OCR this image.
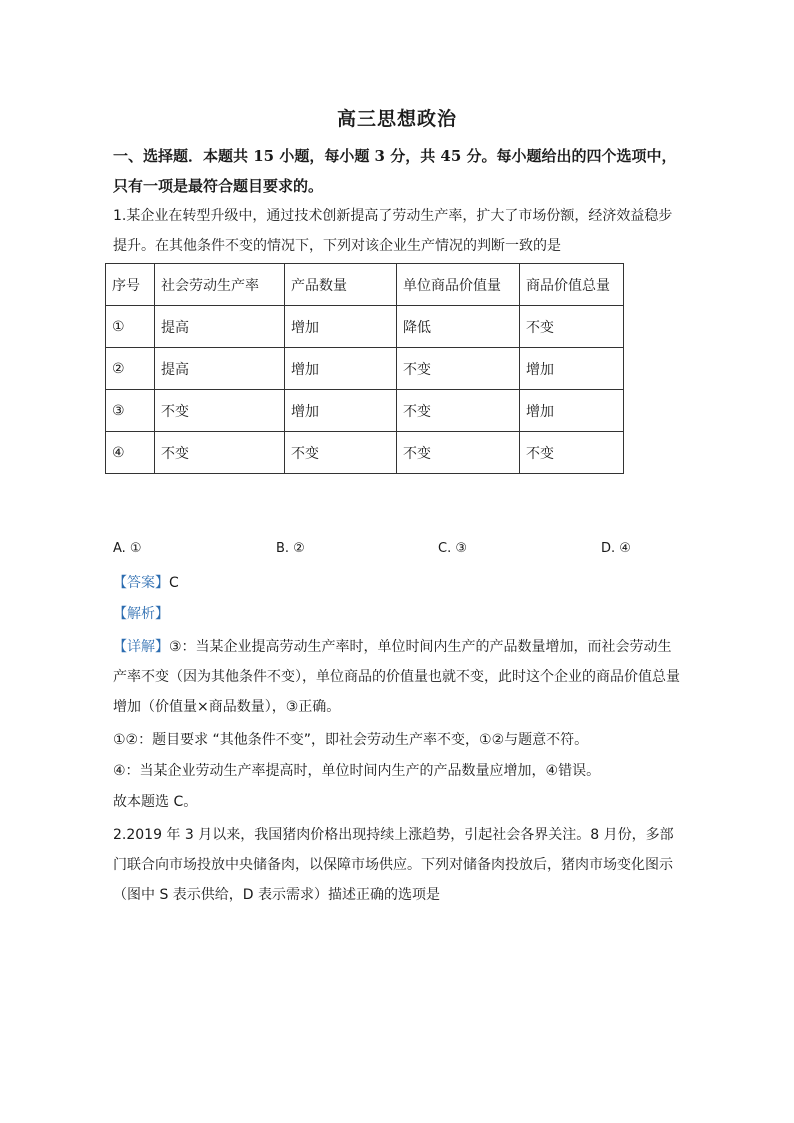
高三思想政治
一、选择题．本题共 15 小题，每小题 3 分，共 45 分。每小题给出的四个选项中，只有一项是最符合题目要求的。
1.某企业在转型升级中，通过技术创新提高了劳动生产率，扩大了市场份额，经济效益稳步提升。在其他条件不变的情况下，下列对该企业生产情况的判断一致的是
序号	社会劳动生产率	产品数量	单位商品价值量	商品价值总量
①	提高	增加	降低	不变
②	提高	增加	不变	增加
③	不变	增加	不变	增加
④	不变	不变	不变	不变
A. ①	B. ②	C. ③	D. ④
【答案】C
【解析】
【详解】③：当某企业提高劳动生产率时，单位时间内生产的产品数量增加，而社会劳动生产率不变（因为其他条件不变），单位商品的价值量也就不变，此时这个企业的商品价值总量增加（价值量×商品数量），③正确。
①②：题目要求 “其他条件不变”，即社会劳动生产率不变，①②与题意不符。
④：当某企业劳动生产率提高时，单位时间内生产的产品数量应增加，④错误。
故本题选 C。
2.2019 年 3 月以来，我国猪肉价格出现持续上涨趋势，引起社会各界关注。8 月份，多部门联合向市场投放中央储备肉，以保障市场供应。下列对储备肉投放后，猪肉市场变化图示（图中 S 表示供给，D 表示需求）描述正确的选项是
